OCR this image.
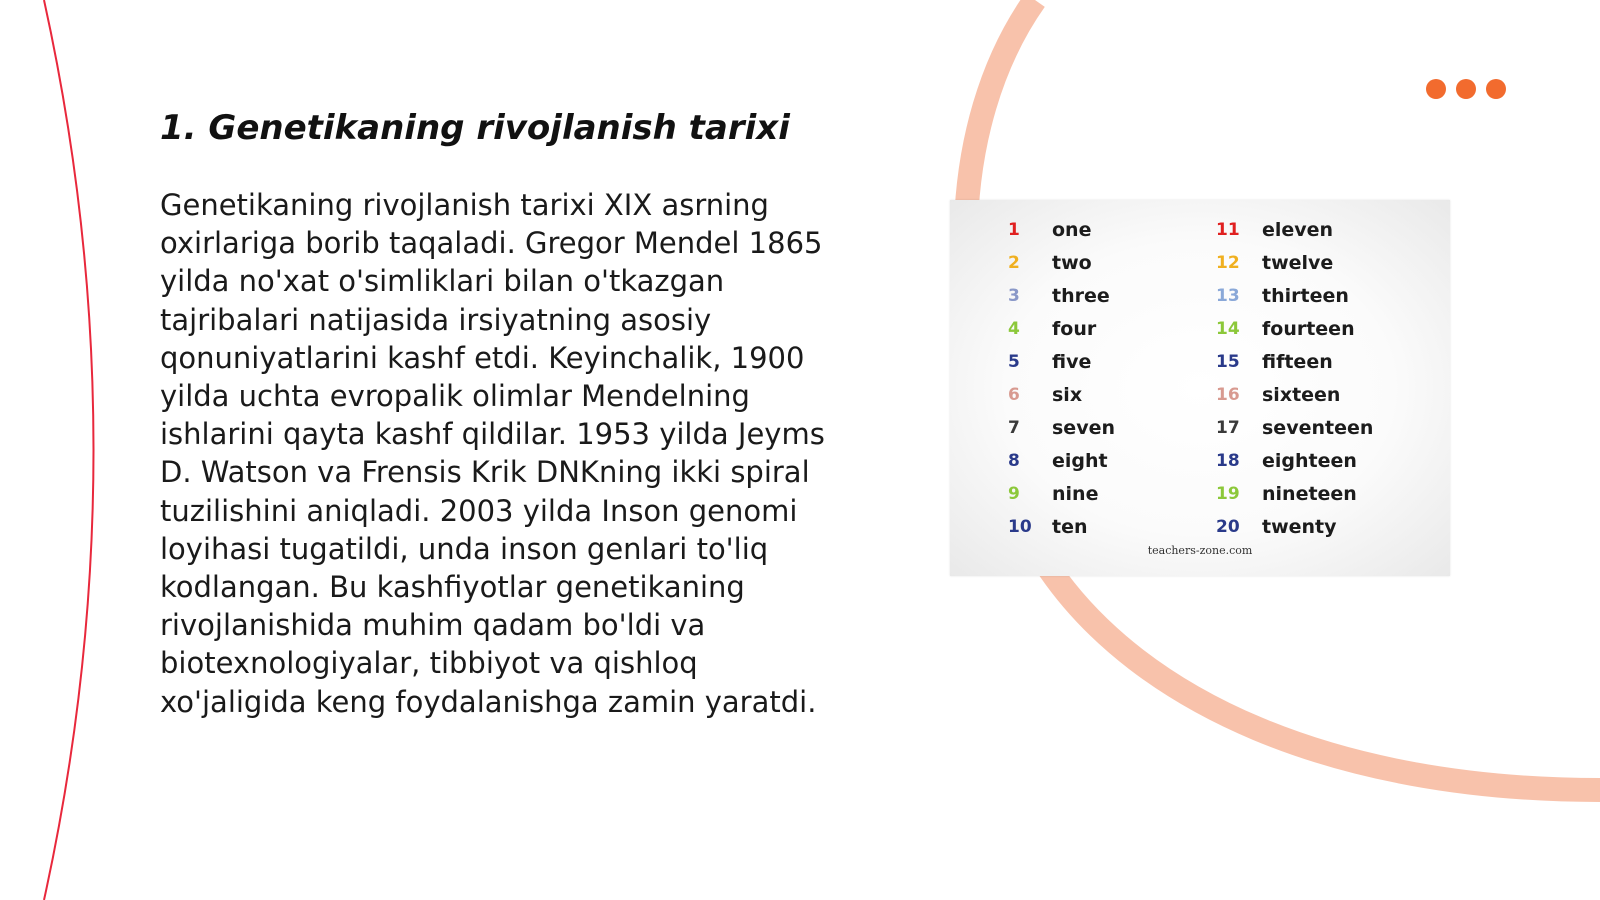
1. Genetikaning rivojlanish tarixi

Genetikaning rivojlanish tarixi XIX asrning oxirlariga borib taqaladi. Gregor Mendel 1865 yilda no'xat o'simliklari bilan o'tkazgan tajribalari natijasida irsiyatning asosiy qonuniyatlarini kashf etdi. Keyinchalik, 1900 yilda uchta evropalik olimlar Mendelning ishlarini qayta kashf qildilar. 1953 yilda Jeyms D. Watson va Frensis Krik DNKning ikki spiral tuzilishini aniqladi. 2003 yilda Inson genomi loyihasi tugatildi, unda inson genlari to'liq kodlangan. Bu kashfiyotlar genetikaning rivojlanishida muhim qadam bo'ldi va biotexnologiyalar, tibbiyot va qishloq xo'jaligida keng foydalanishga zamin yaratdi.

1	one
2	two
3	three
4	four
5	five
6	six
7	seven
8	eight
9	nine
10	ten
11	eleven
12	twelve
13	thirteen
14	fourteen
15	fifteen
16	sixteen
17	seventeen
18	eighteen
19	nineteen
20	twenty
teachers-zone.com
